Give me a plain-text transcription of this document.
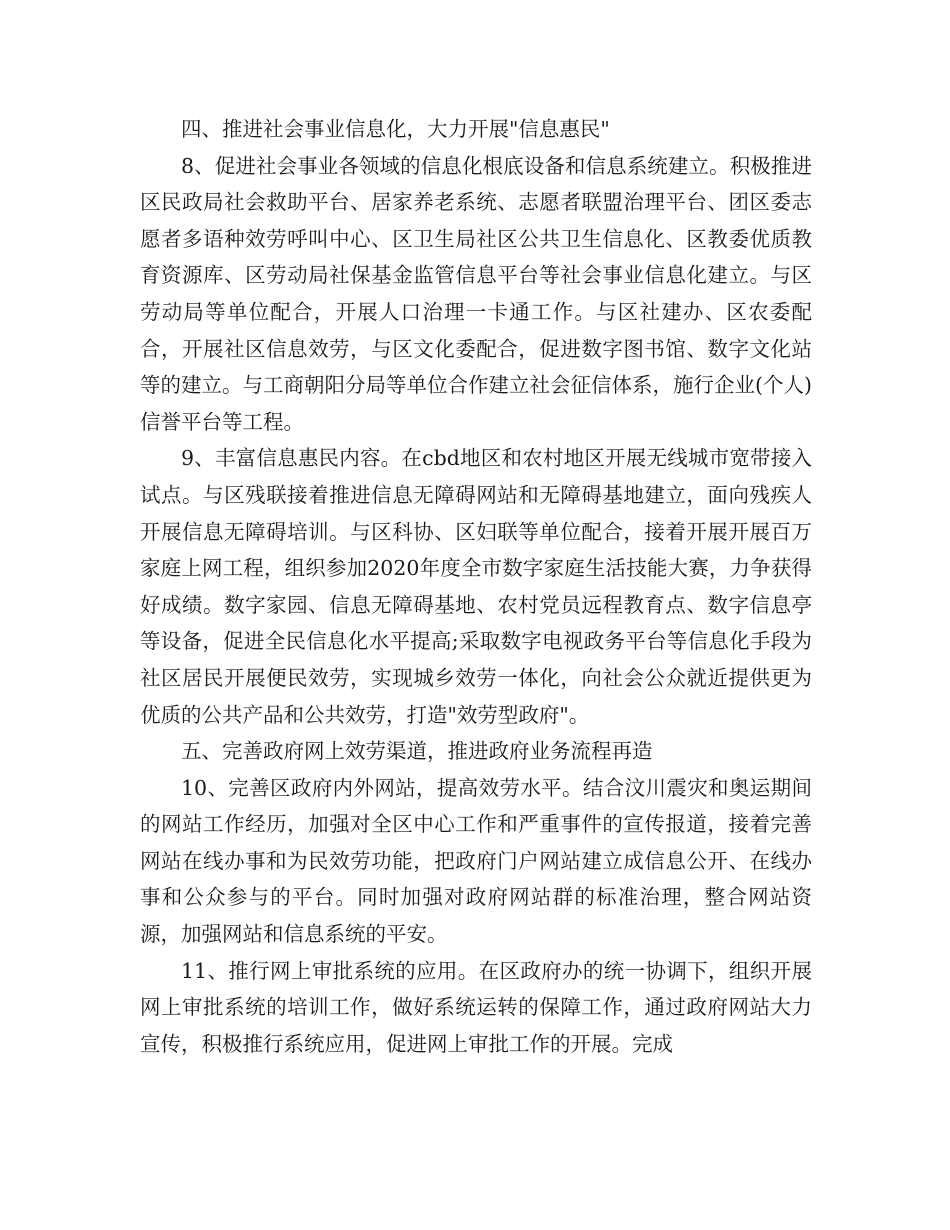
四、推进社会事业信息化，大力开展"信息惠民"

8、促进社会事业各领域的信息化根底设备和信息系统建立。积极推进区民政局社会救助平台、居家养老系统、志愿者联盟治理平台、团区委志愿者多语种效劳呼叫中心、区卫生局社区公共卫生信息化、区教委优质教育资源库、区劳动局社保基金监管信息平台等社会事业信息化建立。与区劳动局等单位配合，开展人口治理一卡通工作。与区社建办、区农委配合，开展社区信息效劳，与区文化委配合，促进数字图书馆、数字文化站等的建立。与工商朝阳分局等单位合作建立社会征信体系，施行企业(个人)信誉平台等工程。

9、丰富信息惠民内容。在cbd地区和农村地区开展无线城市宽带接入试点。与区残联接着推进信息无障碍网站和无障碍基地建立，面向残疾人开展信息无障碍培训。与区科协、区妇联等单位配合，接着开展开展百万家庭上网工程，组织参加2020年度全市数字家庭生活技能大赛，力争获得好成绩。数字家园、信息无障碍基地、农村党员远程教育点、数字信息亭等设备，促进全民信息化水平提高;采取数字电视政务平台等信息化手段为社区居民开展便民效劳，实现城乡效劳一体化，向社会公众就近提供更为优质的公共产品和公共效劳，打造"效劳型政府"。

五、完善政府网上效劳渠道，推进政府业务流程再造

10、完善区政府内外网站，提高效劳水平。结合汶川震灾和奥运期间的网站工作经历，加强对全区中心工作和严重事件的宣传报道，接着完善网站在线办事和为民效劳功能，把政府门户网站建立成信息公开、在线办事和公众参与的平台。同时加强对政府网站群的标准治理，整合网站资源，加强网站和信息系统的平安。

11、推行网上审批系统的应用。在区政府办的统一协调下，组织开展网上审批系统的培训工作，做好系统运转的保障工作，通过政府网站大力宣传，积极推行系统应用，促进网上审批工作的开展。完成
